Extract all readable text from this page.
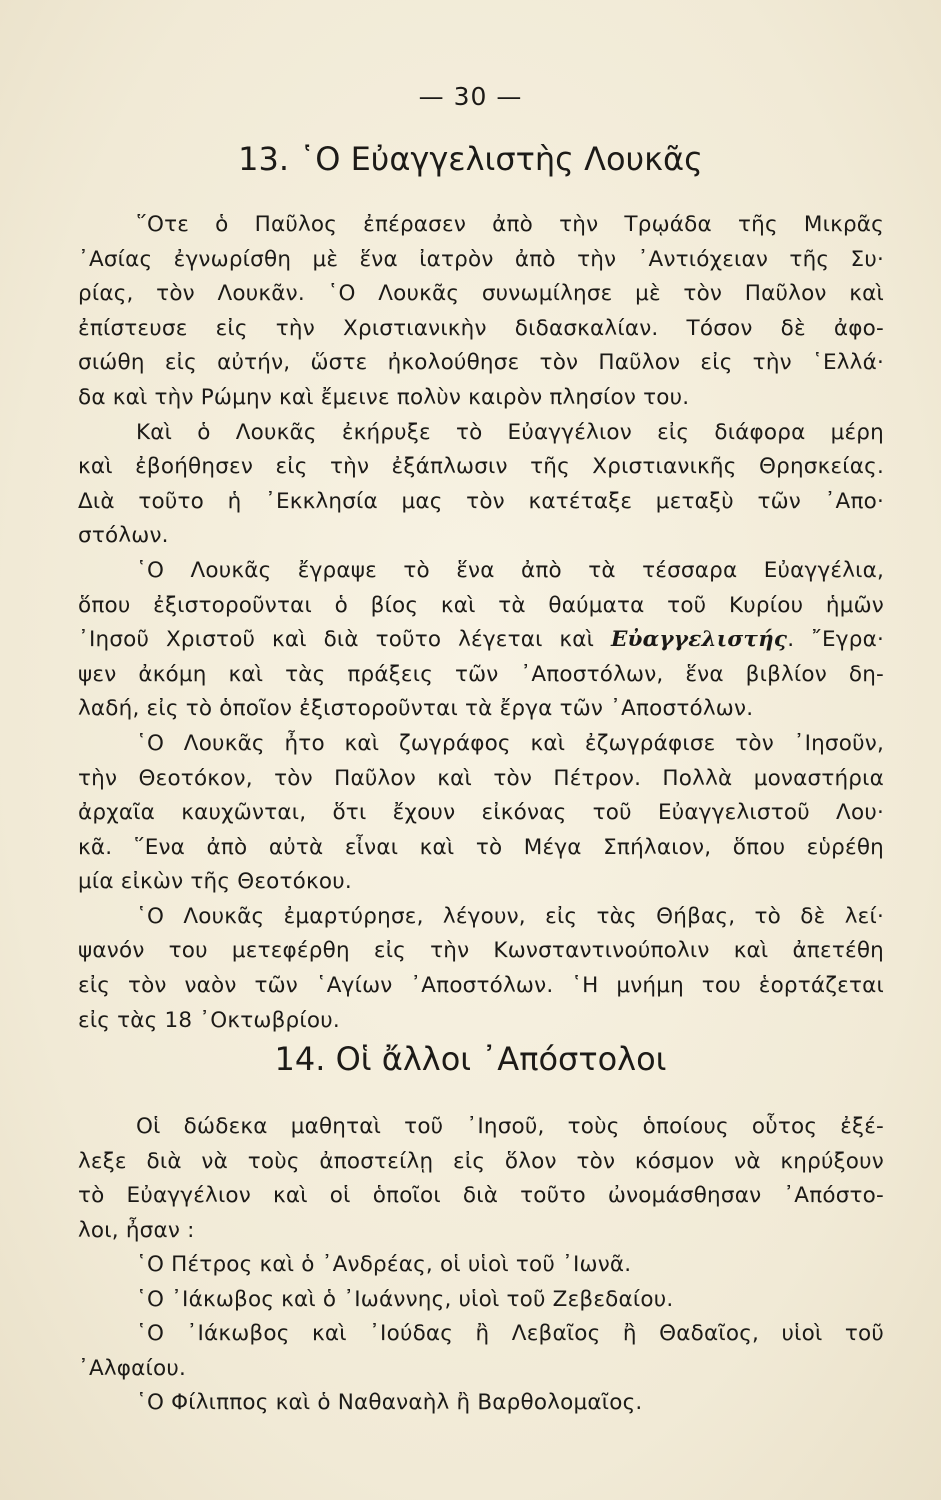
— 30 —
13. ῾Ο Εὐαγγελιστὴς Λουκᾶς
῞Οτε ὁ Παῦλος ἐπέρασεν ἀπὸ τὴν Τρῳάδα τῆς Μικρᾶς
᾿Ασίας ἐγνωρίσθη μὲ ἕνα ἰατρὸν ἀπὸ τὴν ᾿Αντιόχειαν τῆς Συ·
ρίας, τὸν Λουκᾶν. ῾Ο Λουκᾶς συνωμίλησε μὲ τὸν Παῦλον καὶ
ἐπίστευσε εἰς τὴν Χριστιανικὴν διδασκαλίαν. Τόσον δὲ ἀφο-
σιώθη εἰς αὐτήν, ὥστε ἠκολούθησε τὸν Παῦλον εἰς τὴν ῾Ελλά·
δα καὶ τὴν Ρώμην καὶ ἔμεινε πολὺν καιρὸν πλησίον του.
Καὶ ὁ Λουκᾶς ἐκήρυξε τὸ Εὐαγγέλιον εἰς διάφορα μέρη
καὶ ἐβοήθησεν εἰς τὴν ἐξάπλωσιν τῆς Χριστιανικῆς Θρησκείας.
Διὰ τοῦτο ἡ ᾿Εκκλησία μας τὸν κατέταξε μεταξὺ τῶν ᾿Απο·
στόλων.
῾Ο Λουκᾶς ἔγραψε τὸ ἕνα ἀπὸ τὰ τέσσαρα Εὐαγγέλια,
ὅπου ἐξιστοροῦνται ὁ βίος καὶ τὰ θαύματα τοῦ Κυρίου ἡμῶν
᾿Ιησοῦ Χριστοῦ καὶ διὰ τοῦτο λέγεται καὶ Εὐαγγελιστής. ῎Εγρα·
ψεν ἀκόμη καὶ τὰς πράξεις τῶν ᾿Αποστόλων, ἕνα βιβλίον δη-
λαδή, εἰς τὸ ὁποῖον ἐξιστοροῦνται τὰ ἔργα τῶν ᾿Αποστόλων.
῾Ο Λουκᾶς ἦτο καὶ ζωγράφος καὶ ἐζωγράφισε τὸν ᾿Ιησοῦν,
τὴν Θεοτόκον, τὸν Παῦλον καὶ τὸν Πέτρον. Πολλὰ μοναστήρια
ἀρχαῖα καυχῶνται, ὅτι ἔχουν εἰκόνας τοῦ Εὐαγγελιστοῦ Λου·
κᾶ. ῞Ενα ἀπὸ αὐτὰ εἶναι καὶ τὸ Μέγα Σπήλαιον, ὅπου εὑρέθη
μία εἰκὼν τῆς Θεοτόκου.
῾Ο Λουκᾶς ἐμαρτύρησε, λέγουν, εἰς τὰς Θήβας, τὸ δὲ λεί·
ψανόν του μετεφέρθη εἰς τὴν Κωνσταντινούπολιν καὶ ἀπετέθη
εἰς τὸν ναὸν τῶν ῾Αγίων ᾿Αποστόλων. ῾Η μνήμη του ἑορτάζεται
εἰς τὰς 18 ᾿Οκτωβρίου.
14. Οἱ ἄλλοι ᾿Απόστολοι
Οἱ δώδεκα μαθηταὶ τοῦ ᾿Ιησοῦ, τοὺς ὁποίους οὗτος ἐξέ-
λεξε διὰ νὰ τοὺς ἀποστείλῃ εἰς ὅλον τὸν κόσμον νὰ κηρύξουν
τὸ Εὐαγγέλιον καὶ οἱ ὁποῖοι διὰ τοῦτο ὠνομάσθησαν ᾿Απόστο-
λοι, ἦσαν :
῾Ο Πέτρος καὶ ὁ ᾿Ανδρέας, οἱ υἱοὶ τοῦ ᾿Ιωνᾶ.
῾Ο ᾿Ιάκωβος καὶ ὁ ᾿Ιωάννης, υἱοὶ τοῦ Ζεβεδαίου.
῾Ο ᾿Ιάκωβος καὶ ᾿Ιούδας ἢ Λεβαῖος ἢ Θαδαῖος, υἱοὶ τοῦ
᾿Αλφαίου.
῾Ο Φίλιππος καὶ ὁ Ναθαναὴλ ἢ Βαρθολομαῖος.
